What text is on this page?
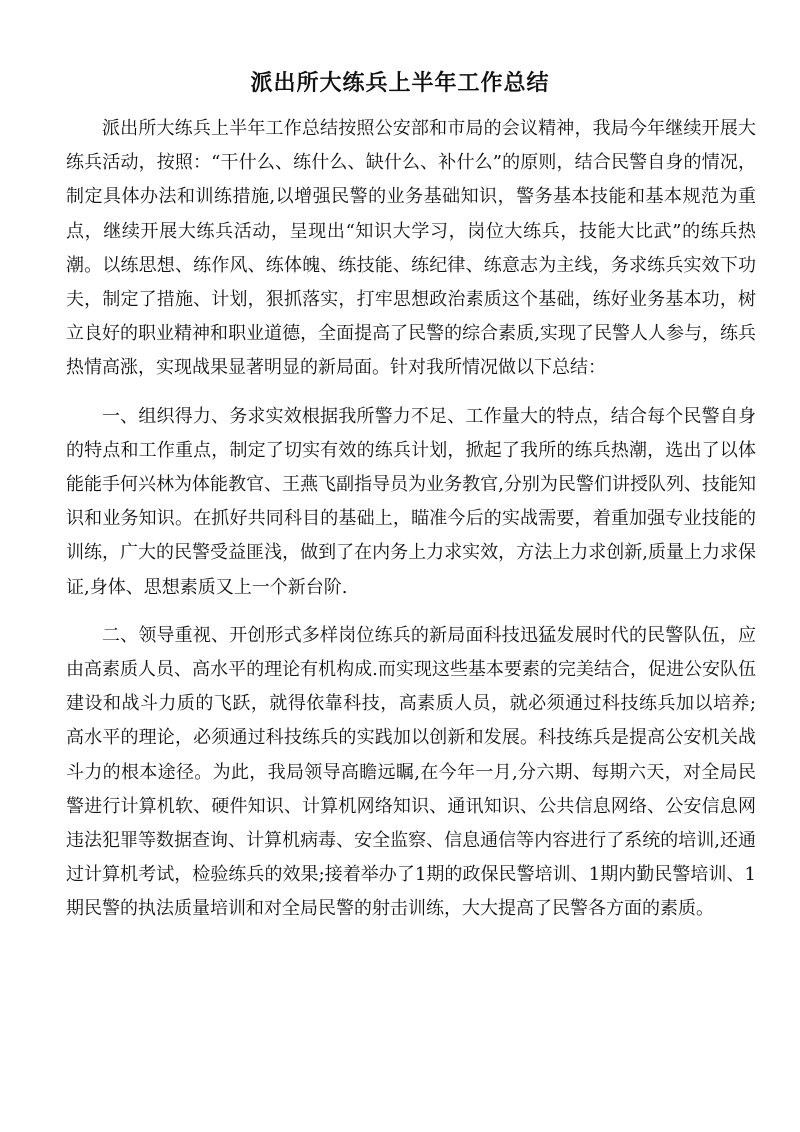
派出所大练兵上半年工作总结

派出所大练兵上半年工作总结按照公安部和市局的会议精神，我局今年继续开展大练兵活动，按照：“干什么、练什么、缺什么、补什么”的原则，结合民警自身的情况，制定具体办法和训练措施,以增强民警的业务基础知识，警务基本技能和基本规范为重点，继续开展大练兵活动，呈现出“知识大学习，岗位大练兵，技能大比武”的练兵热潮。以练思想、练作风、练体魄、练技能、练纪律、练意志为主线，务求练兵实效下功夫，制定了措施、计划，狠抓落实，打牢思想政治素质这个基础，练好业务基本功，树立良好的职业精神和职业道德，全面提高了民警的综合素质,实现了民警人人参与，练兵热情高涨，实现战果显著明显的新局面。针对我所情况做以下总结：

一、组织得力、务求实效根据我所警力不足、工作量大的特点，结合每个民警自身的特点和工作重点，制定了切实有效的练兵计划，掀起了我所的练兵热潮，选出了以体能能手何兴林为体能教官、王燕飞副指导员为业务教官,分别为民警们讲授队列、技能知识和业务知识。在抓好共同科目的基础上，瞄准今后的实战需要，着重加强专业技能的训练，广大的民警受益匪浅，做到了在内务上力求实效，方法上力求创新,质量上力求保证,身体、思想素质又上一个新台阶.

二、领导重视、开创形式多样岗位练兵的新局面科技迅猛发展时代的民警队伍，应由高素质人员、高水平的理论有机构成.而实现这些基本要素的完美结合，促进公安队伍建设和战斗力质的飞跃，就得依靠科技，高素质人员，就必须通过科技练兵加以培养;高水平的理论，必须通过科技练兵的实践加以创新和发展。科技练兵是提高公安机关战斗力的根本途径。为此，我局领导高瞻远瞩,在今年一月,分六期、每期六天，对全局民警进行计算机软、硬件知识、计算机网络知识、通讯知识、公共信息网络、公安信息网违法犯罪等数据查询、计算机病毒、安全监察、信息通信等内容进行了系统的培训,还通过计算机考试，检验练兵的效果;接着举办了1期的政保民警培训、1期内勤民警培训、1期民警的执法质量培训和对全局民警的射击训练，大大提高了民警各方面的素质。
